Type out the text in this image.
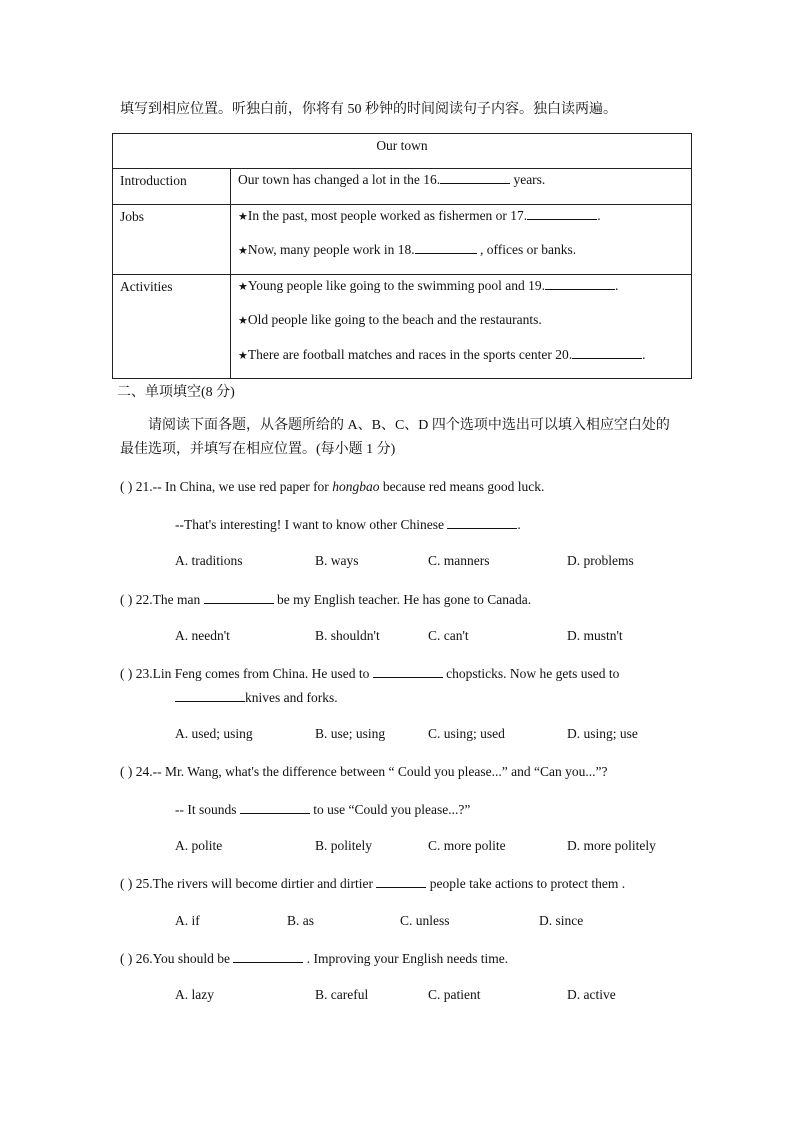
填写到相应位置。听独白前，你将有 50 秒钟的时间阅读句子内容。独白读两遍。
Our town	

Introduction	Our town has changed a lot in the 16. years.

Jobs	★In the past, most people worked as fishermen or 17. .

★Now, many people work in 18. , offices or banks.

Activities	★Young people like going to the swimming pool and 19. .

★Old people like going to the beach and the restaurants.

★There are football matches and races in the sports center 20. .

二、单项填空(8 分)
请阅读下面各题，从各题所给的 A、B、C、D 四个选项中选出可以填入相应空白处的最佳选项，并填写在相应位置。(每小题 1 分)
( ) 21.-- In China, we use red paper for hongbao because red means good luck.
--That's interesting! I want to know other Chinese	.
A. traditions	B. ways	C. manners	D. problems
( ) 22.The man	be my English teacher. He has gone to Canada.
A. needn't	B. shouldn't	C. can't	D. mustn't
( ) 23.Lin Feng comes from China. He used to	chopsticks. Now he gets used to
knives and forks.
A. used; using	B. use; using	C. using; used	D. using; use
( ) 24.-- Mr. Wang, what's the difference between “ Could you please...” and “Can you...”?
-- It sounds	to use “Could you please...?”
A. polite	B. politely	C. more polite	D. more politely
( ) 25.The rivers will become dirtier and dirtier	people take actions to protect them .
A. if	B. as	C. unless	D. since
( ) 26.You should be	. Improving your English needs time.
A. lazy	B. careful	C. patient	D. active
